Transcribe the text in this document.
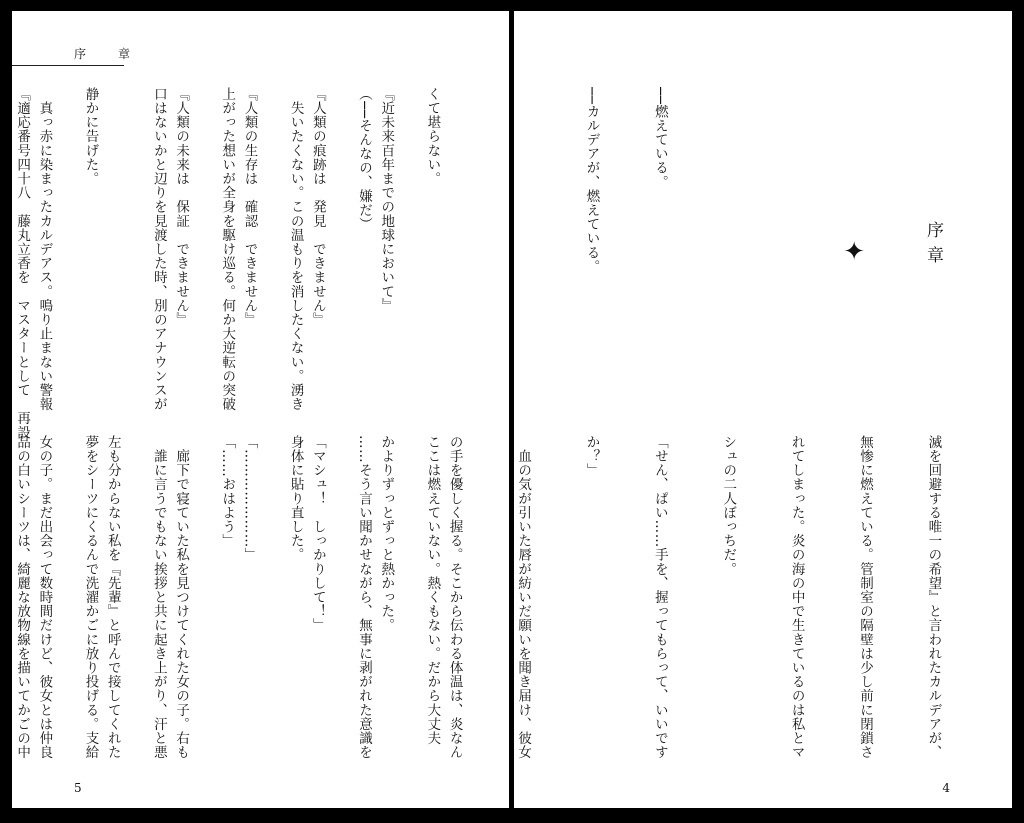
序　章

くて堪らない。

（──そんなの、嫌だ）

　失いたくない。この温もりを消したくない。湧き

上がった想いが全身を駆け巡る。何か大逆転の突破

口はないかと辺りを見渡した時、別のアナウンスが

静かに告げた。

『適応番号四十八　藤丸立香を　マスターとして　再設

ここは燃えていない。熱くもない。だから大丈夫

……そう言い聞かせながら、無事に剥がれた意識を

身体に貼り直した。

「……おはよう」

　誰に言うでもない挨拶と共に起き上がり、汗と悪

夢をシーツにくるんで洗濯かごに放り投げる。支給

品の白いシーツは、綺麗な放物線を描いてかごの中

5
序章
✦

──燃えている。

──カルデアが、燃えている。

『近未来百年までの地球において』

『人類の痕跡は　発見　できません』

『人類の生存は　確認　できません』

『人類の未来は　保証　できません』

　真っ赤に染まったカルデアス。鳴り止まない警報

滅を回避する唯一の希望』と言われたカルデアが、

無惨に燃えている。管制室の隔壁は少し前に閉鎖さ

れてしまった。炎の海の中で生きているのは私とマ

シュの二人ぼっちだ。

「せん、ぱい……手を、握ってもらって、いいです

か？」

　血の気が引いた唇が紡いだ願いを聞き届け、彼女

の手を優しく握る。そこから伝わる体温は、炎なん

かよりずっとずっと熱かった。

「マシュ！　しっかりして！」

「…………………」

　廊下で寝ていた私を見つけてくれた女の子。右も

左も分からない私を『先輩』と呼んで接してくれた

女の子。まだ出会って数時間だけど、彼女とは仲良

4
